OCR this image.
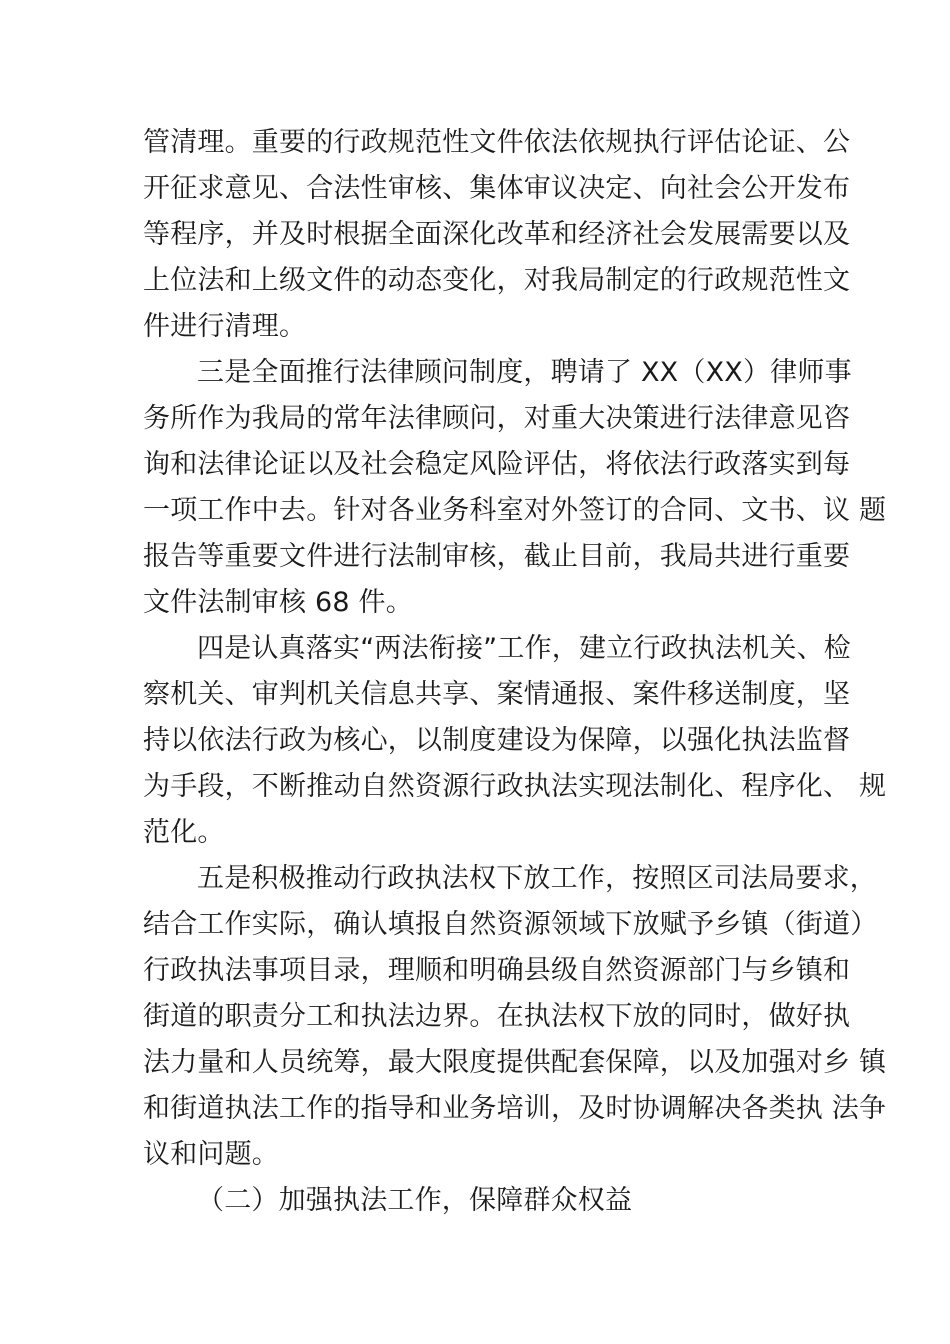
管清理。重要的行政规范性文件依法依规执行评估论证、公
开征求意见、合法性审核、集体审议决定、向社会公开发布
等程序，并及时根据全面深化改革和经济社会发展需要以及
上位法和上级文件的动态变化，对我局制定的行政规范性文
件进行清理。
三是全面推行法律顾问制度，聘请了 XX（XX）律师事
务所作为我局的常年法律顾问，对重大决策进行法律意见咨
询和法律论证以及社会稳定风险评估，将依法行政落实到每
一项工作中去。针对各业务科室对外签订的合同、文书、议 题
报告等重要文件进行法制审核，截止目前，我局共进行重要
文件法制审核 68 件。
四是认真落实“两法衔接”工作，建立行政执法机关、检
察机关、审判机关信息共享、案情通报、案件移送制度，坚
持以依法行政为核心，以制度建设为保障，以强化执法监督
为手段，不断推动自然资源行政执法实现法制化、程序化、 规
范化。
五是积极推动行政执法权下放工作，按照区司法局要求，
结合工作实际，确认填报自然资源领域下放赋予乡镇（街道）
行政执法事项目录，理顺和明确县级自然资源部门与乡镇和
街道的职责分工和执法边界。在执法权下放的同时，做好执
法力量和人员统筹，最大限度提供配套保障，以及加强对乡 镇
和街道执法工作的指导和业务培训，及时协调解决各类执 法争
议和问题。
（二）加强执法工作，保障群众权益
